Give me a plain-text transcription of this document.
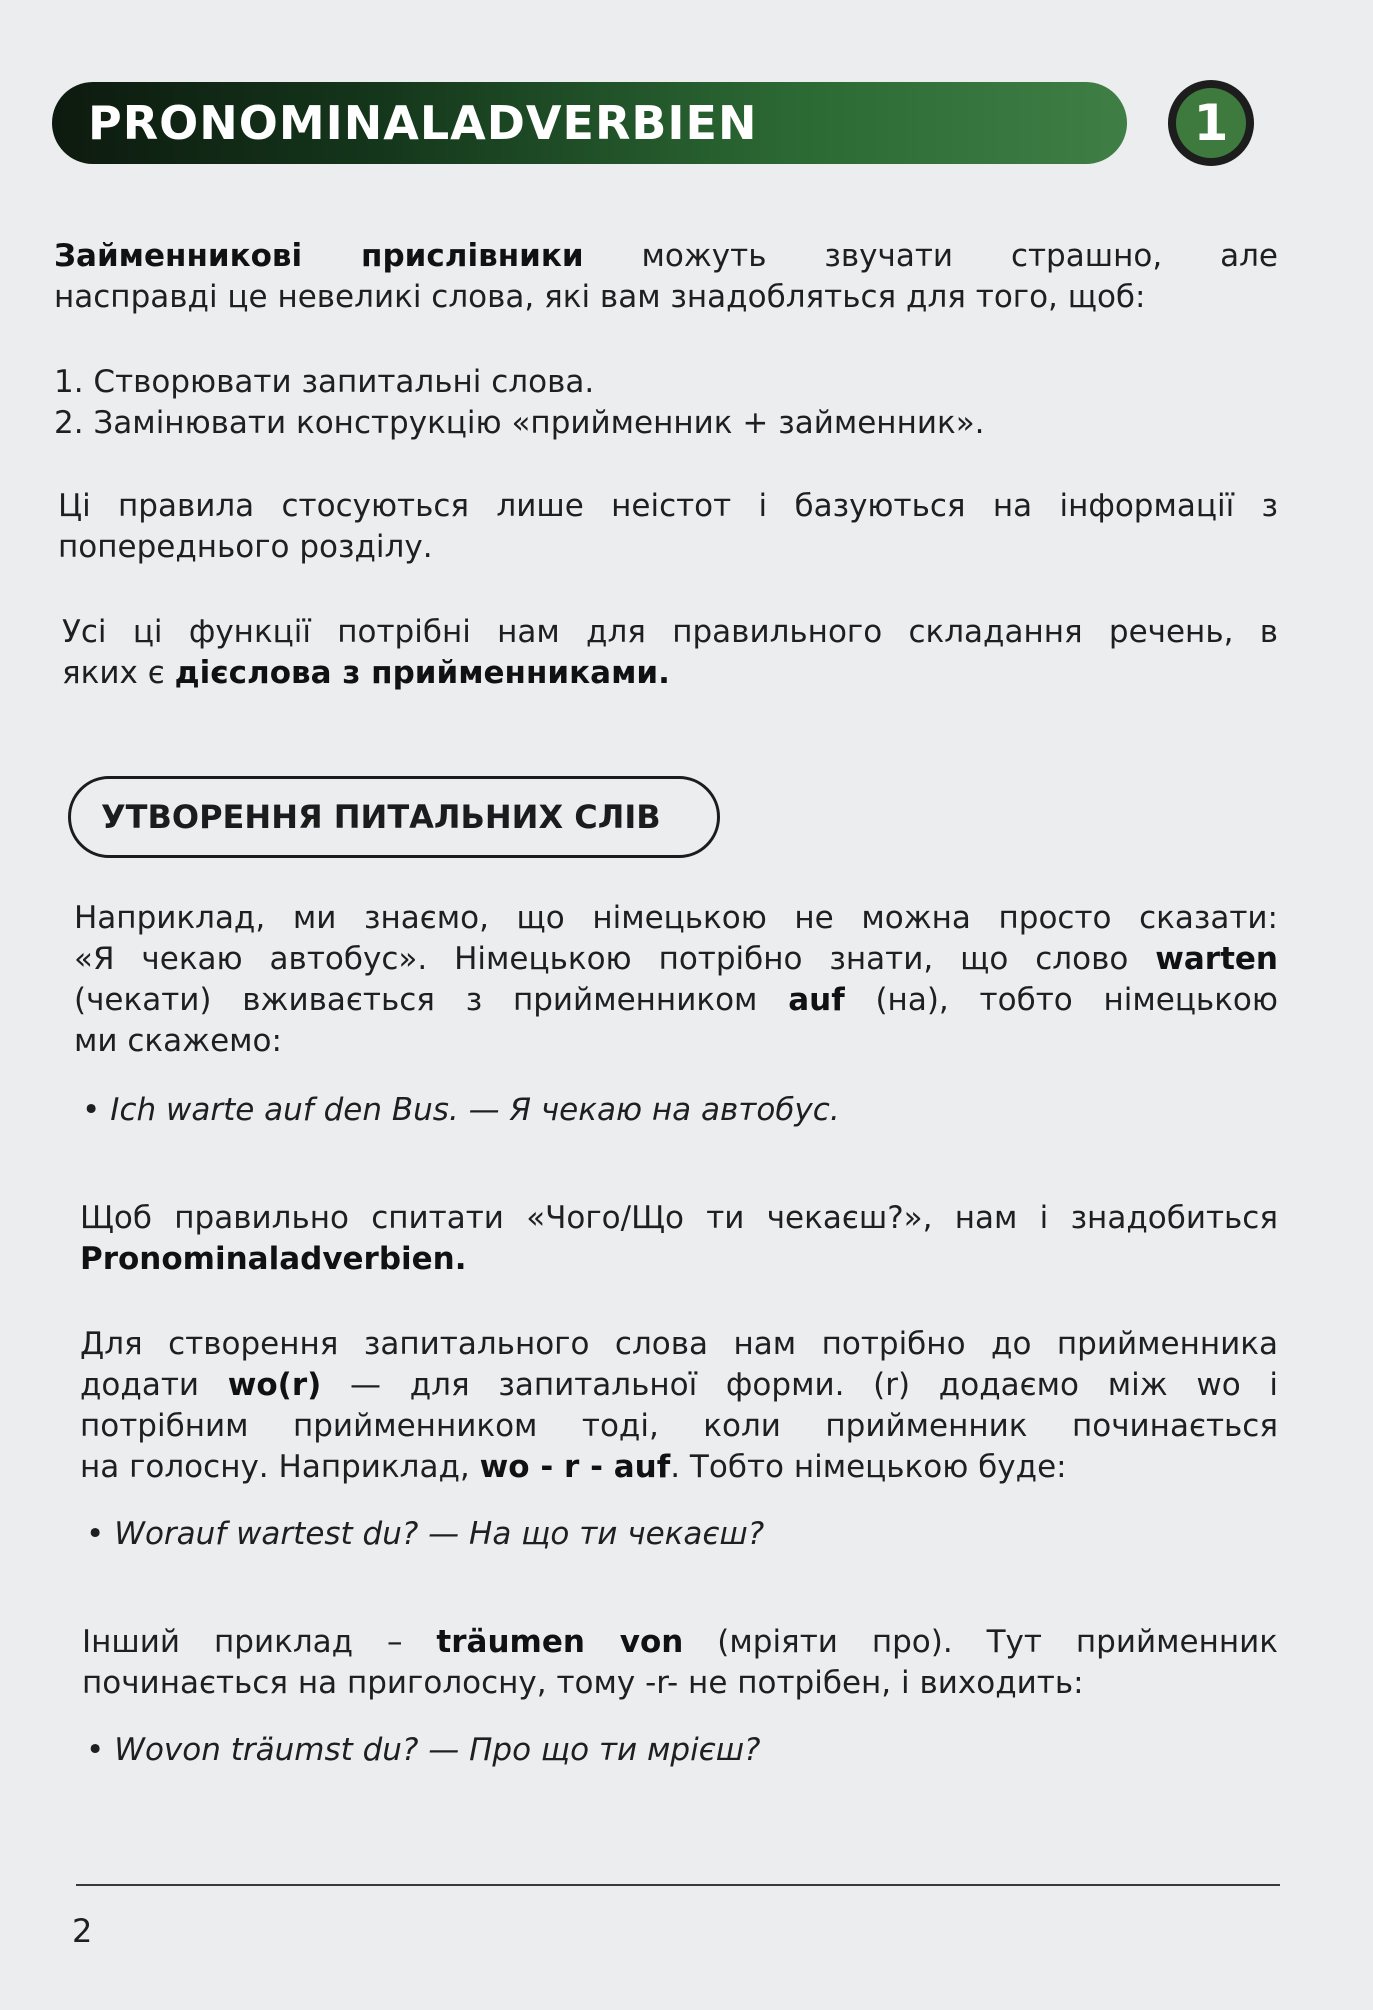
PRONOMINALADVERBIEN	1
Займенникові прислівники можуть звучати страшно, але
насправді це невеликі слова, які вам знадобляться для того, щоб:
1. Створювати запитальні слова.
2. Замінювати конструкцію «прийменник + займенник».
Ці правила стосуються лише неістот і базуються на інформації з
попереднього розділу.
Усі ці функції потрібні нам для правильного складання речень, в
яких є дієслова з прийменниками.
УТВОРЕННЯ ПИТАЛЬНИХ СЛІВ
Наприклад, ми знаємо, що німецькою не можна просто сказати:
«Я чекаю автобус». Німецькою потрібно знати, що слово warten
(чекати) вживається з прийменником auf (на), тобто німецькою
ми скажемо:
• Ich warte auf den Bus. — Я чекаю на автобус.
Щоб правильно спитати «Чого/Що ти чекаєш?», нам і знадобиться
Pronominaladverbien.
Для створення запитального слова нам потрібно до прийменника
додати wo(r) — для запитальної форми. (r) додаємо між wo і
потрібним прийменником тоді, коли прийменник починається
на голосну. Наприклад, wo - r - auf. Тобто німецькою буде:
• Worauf wartest du? — На що ти чекаєш?
Інший приклад – träumen von (мріяти про). Тут прийменник
починається на приголосну, тому -r- не потрібен, і виходить:
• Wovon träumst du? — Про що ти мрієш?
2
